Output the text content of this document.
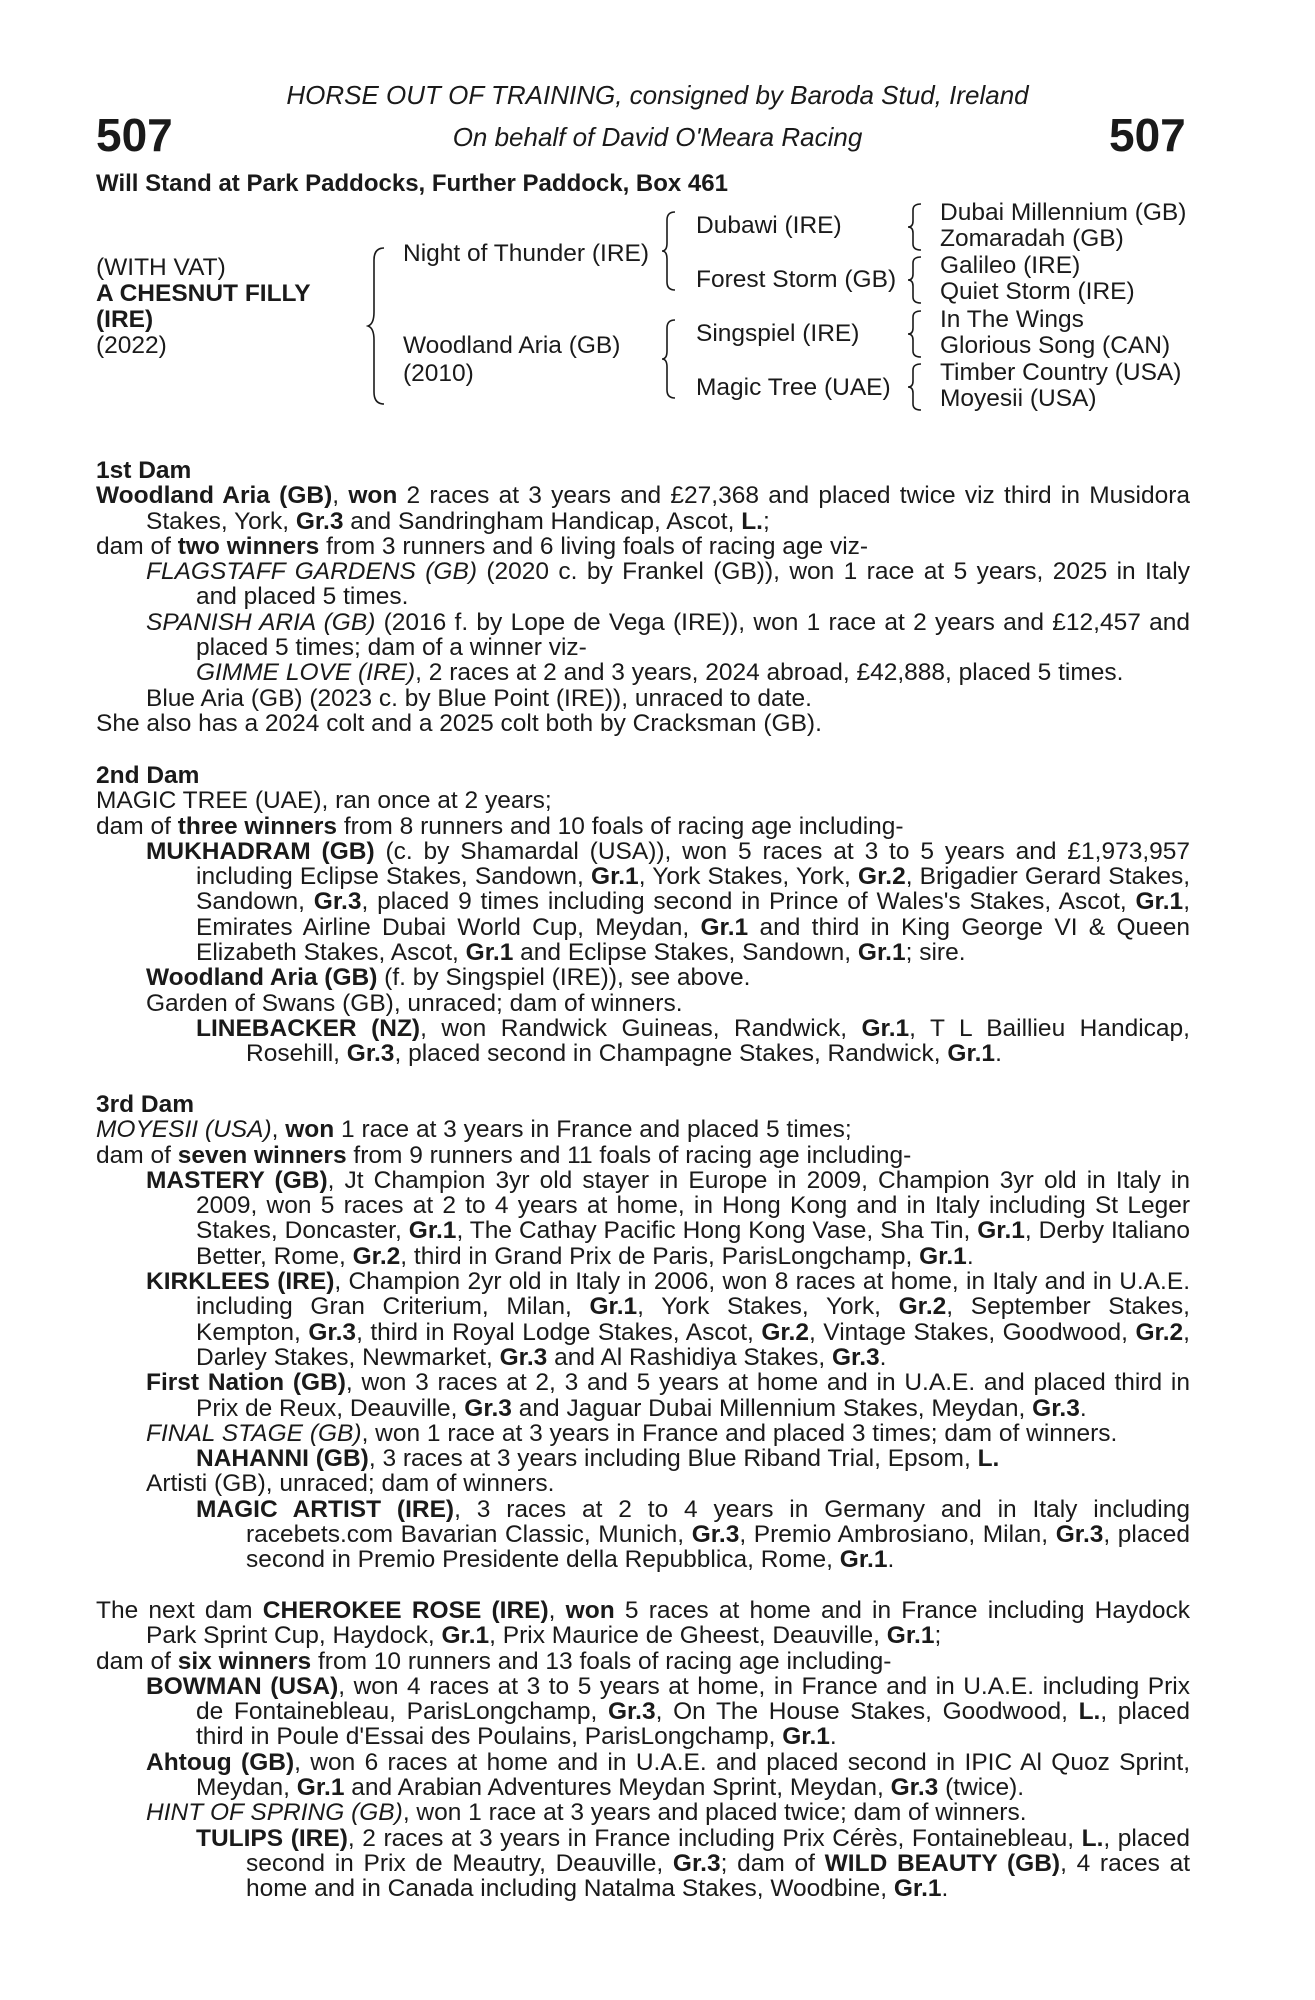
507	507
HORSE OUT OF TRAINING, consigned by Baroda Stud, Ireland
On behalf of David O'Meara Racing
Will Stand at Park Paddocks, Further Paddock, Box 461
(WITH VAT)
A CHESNUT FILLY
(IRE)
(2022)
Night of Thunder (IRE)
Woodland Aria (GB)
(2010)
Dubawi (IRE)
Forest Storm (GB)
Singspiel (IRE)
Magic Tree (UAE)
Dubai Millennium (GB)
Zomaradah (GB)
Galileo (IRE)
Quiet Storm (IRE)
In The Wings
Glorious Song (CAN)
Timber Country (USA)
Moyesii (USA)
1st Dam
Woodland Aria (GB), won 2 races at 3 years and £27,368 and placed twice viz third in Musidora Stakes, York, Gr.3 and Sandringham Handicap, Ascot, L.;
dam of two winners from 3 runners and 6 living foals of racing age viz-
FLAGSTAFF GARDENS (GB) (2020 c. by Frankel (GB)), won 1 race at 5 years, 2025 in Italy and placed 5 times.
SPANISH ARIA (GB) (2016 f. by Lope de Vega (IRE)), won 1 race at 2 years and £12,457 and placed 5 times; dam of a winner viz-
GIMME LOVE (IRE), 2 races at 2 and 3 years, 2024 abroad, £42,888, placed 5 times.
Blue Aria (GB) (2023 c. by Blue Point (IRE)), unraced to date.
She also has a 2024 colt and a 2025 colt both by Cracksman (GB).
2nd Dam
MAGIC TREE (UAE), ran once at 2 years;
dam of three winners from 8 runners and 10 foals of racing age including-
MUKHADRAM (GB) (c. by Shamardal (USA)), won 5 races at 3 to 5 years and £1,973,957 including Eclipse Stakes, Sandown, Gr.1, York Stakes, York, Gr.2, Brigadier Gerard Stakes, Sandown, Gr.3, placed 9 times including second in Prince of Wales's Stakes, Ascot, Gr.1, Emirates Airline Dubai World Cup, Meydan, Gr.1 and third in King George VI & Queen Elizabeth Stakes, Ascot, Gr.1 and Eclipse Stakes, Sandown, Gr.1; sire.
Woodland Aria (GB) (f. by Singspiel (IRE)), see above.
Garden of Swans (GB), unraced; dam of winners.
LINEBACKER (NZ), won Randwick Guineas, Randwick, Gr.1, T L Baillieu Handicap, Rosehill, Gr.3, placed second in Champagne Stakes, Randwick, Gr.1.
3rd Dam
MOYESII (USA), won 1 race at 3 years in France and placed 5 times;
dam of seven winners from 9 runners and 11 foals of racing age including-
MASTERY (GB), Jt Champion 3yr old stayer in Europe in 2009, Champion 3yr old in Italy in 2009, won 5 races at 2 to 4 years at home, in Hong Kong and in Italy including St Leger Stakes, Doncaster, Gr.1, The Cathay Pacific Hong Kong Vase, Sha Tin, Gr.1, Derby Italiano Better, Rome, Gr.2, third in Grand Prix de Paris, ParisLongchamp, Gr.1.
KIRKLEES (IRE), Champion 2yr old in Italy in 2006, won 8 races at home, in Italy and in U.A.E. including Gran Criterium, Milan, Gr.1, York Stakes, York, Gr.2, September Stakes, Kempton, Gr.3, third in Royal Lodge Stakes, Ascot, Gr.2, Vintage Stakes, Goodwood, Gr.2, Darley Stakes, Newmarket, Gr.3 and Al Rashidiya Stakes, Gr.3.
First Nation (GB), won 3 races at 2, 3 and 5 years at home and in U.A.E. and placed third in Prix de Reux, Deauville, Gr.3 and Jaguar Dubai Millennium Stakes, Meydan, Gr.3.
FINAL STAGE (GB), won 1 race at 3 years in France and placed 3 times; dam of winners.
NAHANNI (GB), 3 races at 3 years including Blue Riband Trial, Epsom, L.
Artisti (GB), unraced; dam of winners.
MAGIC ARTIST (IRE), 3 races at 2 to 4 years in Germany and in Italy including racebets.com Bavarian Classic, Munich, Gr.3, Premio Ambrosiano, Milan, Gr.3, placed second in Premio Presidente della Repubblica, Rome, Gr.1.
The next dam CHEROKEE ROSE (IRE), won 5 races at home and in France including Haydock Park Sprint Cup, Haydock, Gr.1, Prix Maurice de Gheest, Deauville, Gr.1;
dam of six winners from 10 runners and 13 foals of racing age including-
BOWMAN (USA), won 4 races at 3 to 5 years at home, in France and in U.A.E. including Prix de Fontainebleau, ParisLongchamp, Gr.3, On The House Stakes, Goodwood, L., placed third in Poule d'Essai des Poulains, ParisLongchamp, Gr.1.
Ahtoug (GB), won 6 races at home and in U.A.E. and placed second in IPIC Al Quoz Sprint, Meydan, Gr.1 and Arabian Adventures Meydan Sprint, Meydan, Gr.3 (twice).
HINT OF SPRING (GB), won 1 race at 3 years and placed twice; dam of winners.
TULIPS (IRE), 2 races at 3 years in France including Prix Cérès, Fontainebleau, L., placed second in Prix de Meautry, Deauville, Gr.3; dam of WILD BEAUTY (GB), 4 races at home and in Canada including Natalma Stakes, Woodbine, Gr.1.
